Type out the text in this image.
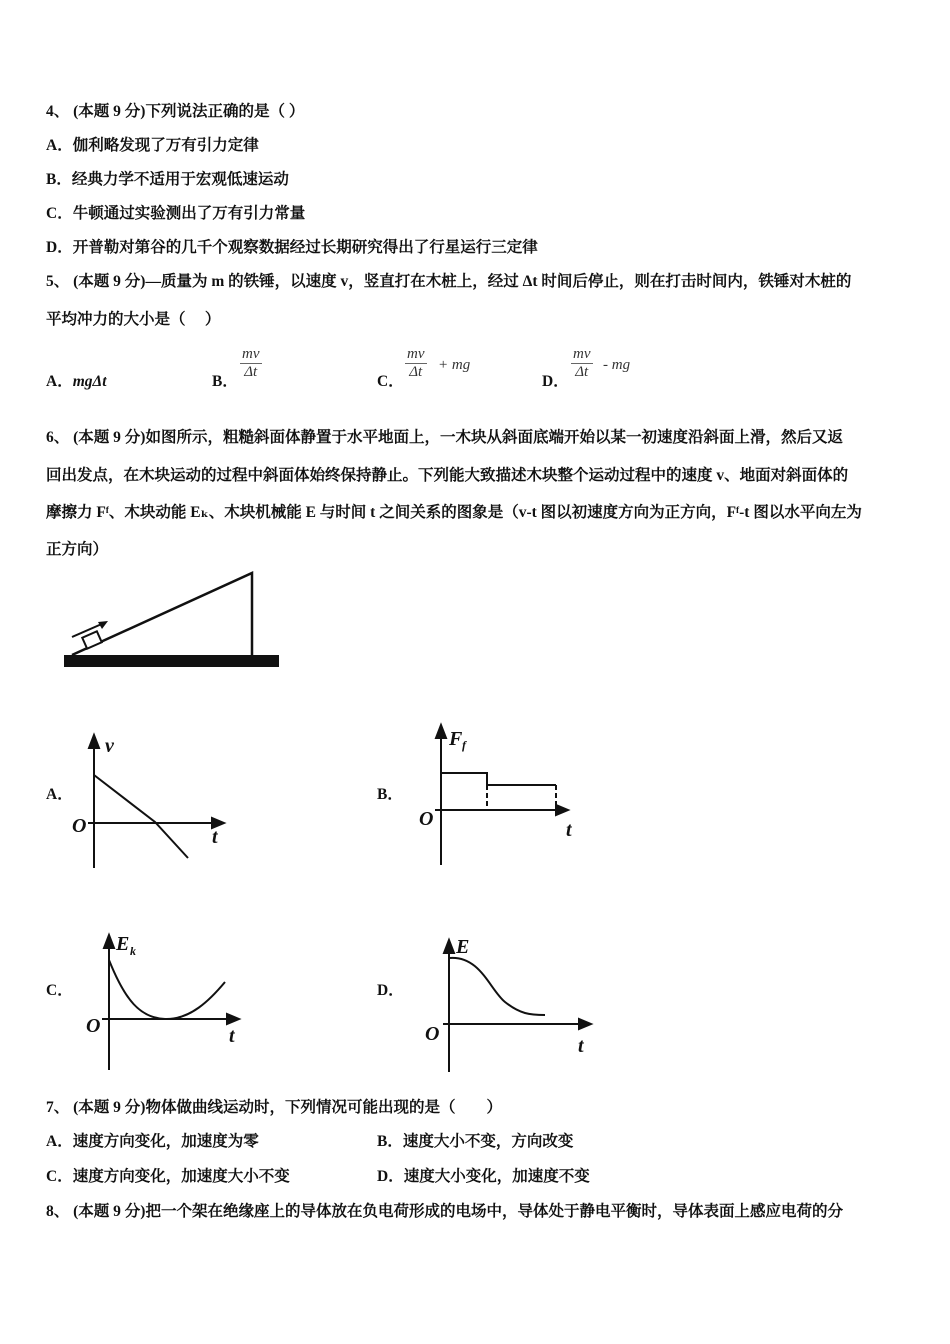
4、 (本题 9 分)下列说法正确的是（ ）
A．伽利略发现了万有引力定律
B．经典力学不适用于宏观低速运动
C．牛顿通过实验测出了万有引力常量
D．开普勒对第谷的几千个观察数据经过长期研究得出了行星运行三定律
5、 (本题 9 分)—质量为 m 的铁锤，以速度 v，竖直打在木桩上，经过 Δt 时间后停止，则在打击时间内，铁锤对木桩的
平均冲力的大小是（　 ）
A．mgΔt	B．
$\frac{mv}{\Delta t}$
C．
$\frac{mv}{\Delta t}$ + mg
D．
$\frac{mv}{\Delta t}$ - mg
6、 (本题 9 分)如图所示，粗糙斜面体静置于水平地面上，一木块从斜面底端开始以某一初速度沿斜面上滑，然后又返
回出发点，在木块运动的过程中斜面体始终保持静止。下列能大致描述木块整个运动过程中的速度 v、地面对斜面体的
摩擦力 Fᶠ、木块动能 Eₖ、木块机械能 E 与时间 t 之间关系的图象是（v-t 图以初速度方向为正方向，Fᶠ-t 图以水平向左为
正方向）
v
O	t
F f
O	t
E k
O	t
E
O
t
A．	B．
C．	D．
7、 (本题 9 分)物体做曲线运动时，下列情况可能出现的是（　　）
A．速度方向变化，加速度为零	B．速度大小不变，方向改变
C．速度方向变化，加速度大小不变	D．速度大小变化，加速度不变
8、 (本题 9 分)把一个架在绝缘座上的导体放在负电荷形成的电场中，导体处于静电平衡时，导体表面上感应电荷的分
